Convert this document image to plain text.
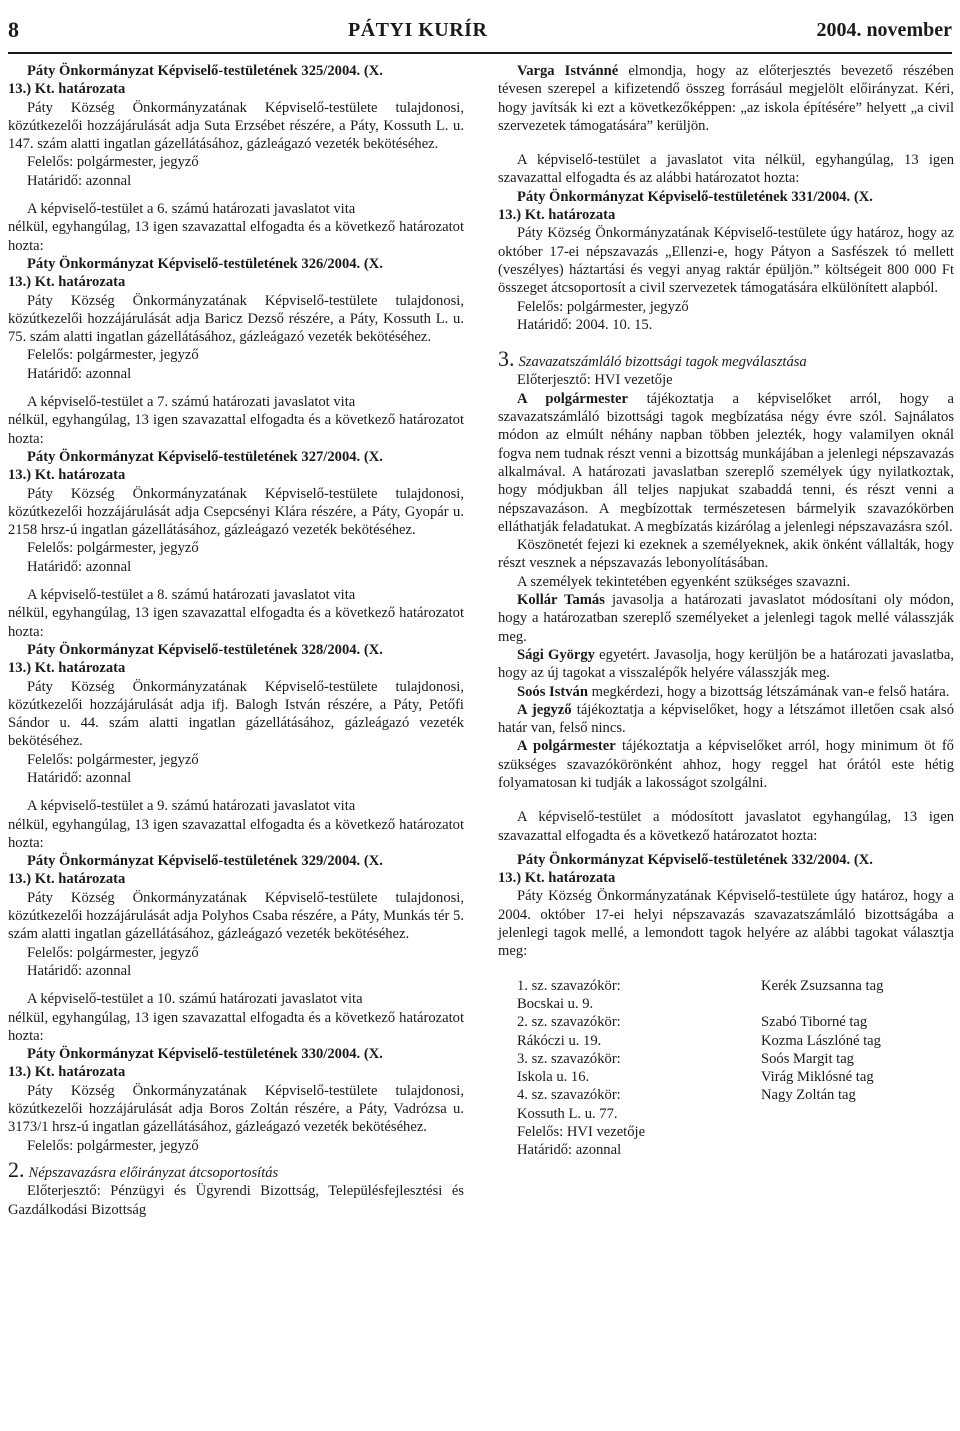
8	PÁTYI KURÍR	2004. november

Páty Önkormányzat Képviselő-testületének 325/2004. (X.

13.) Kt. határozata

Páty Község Önkormányzatának Képviselő-testülete tulajdonosi, közútkezelői hozzájárulását adja Suta Erzsébet részére, a Páty, Kossuth L. u. 147. szám alatti ingatlan gázellátásához, gázleágazó vezeték bekötéséhez.

Felelős: polgármester, jegyző

Határidő: azonnal

A képviselő-testület a 6. számú határozati javaslatot vita

nélkül, egyhangúlag, 13 igen szavazattal elfogadta és a következő határozatot hozta:

Páty Önkormányzat Képviselő-testületének 326/2004. (X.

13.) Kt. határozata

Páty Község Önkormányzatának Képviselő-testülete tulajdonosi, közútkezelői hozzájárulását adja Baricz Dezső részére, a Páty, Kossuth L. u. 75. szám alatti ingatlan gázellátásához, gázleágazó vezeték bekötéséhez.

Felelős: polgármester, jegyző

Határidő: azonnal

A képviselő-testület a 7. számú határozati javaslatot vita

nélkül, egyhangúlag, 13 igen szavazattal elfogadta és a következő határozatot hozta:

Páty Önkormányzat Képviselő-testületének 327/2004. (X.

13.) Kt. határozata

Páty Község Önkormányzatának Képviselő-testülete tulajdonosi, közútkezelői hozzájárulását adja Csepcsényi Klára részére, a Páty, Gyopár u. 2158 hrsz-ú ingatlan gázellátásához, gázleágazó vezeték bekötéséhez.

Felelős: polgármester, jegyző

Határidő: azonnal

A képviselő-testület a 8. számú határozati javaslatot vita

nélkül, egyhangúlag, 13 igen szavazattal elfogadta és a következő határozatot hozta:

Páty Önkormányzat Képviselő-testületének 328/2004. (X.

13.) Kt. határozata

Páty Község Önkormányzatának Képviselő-testülete tulajdonosi, közútkezelői hozzájárulását adja ifj. Balogh István részére, a Páty, Petőfi Sándor u. 44. szám alatti ingatlan gázellátásához, gázleágazó vezeték bekötéséhez.

Felelős: polgármester, jegyző

Határidő: azonnal

A képviselő-testület a 9. számú határozati javaslatot vita

nélkül, egyhangúlag, 13 igen szavazattal elfogadta és a következő határozatot hozta:

Páty Önkormányzat Képviselő-testületének 329/2004. (X.

13.) Kt. határozata

Páty Község Önkormányzatának Képviselő-testülete tulajdonosi, közútkezelői hozzájárulását adja Polyhos Csaba részére, a Páty, Munkás tér 5. szám alatti ingatlan gázellátásához, gázleágazó vezeték bekötéséhez.

Felelős: polgármester, jegyző

Határidő: azonnal

A képviselő-testület a 10. számú határozati javaslatot vita

nélkül, egyhangúlag, 13 igen szavazattal elfogadta és a következő határozatot hozta:

Páty Önkormányzat Képviselő-testületének 330/2004. (X.

13.) Kt. határozata

Páty Község Önkormányzatának Képviselő-testülete tulajdonosi, közútkezelői hozzájárulását adja Boros Zoltán részére, a Páty, Vadrózsa u. 3173/1 hrsz-ú ingatlan gázellátásához, gázleágazó vezeték bekötéséhez.

Felelős: polgármester, jegyző

2. Népszavazásra előirányzat átcsoportosítás

Előterjesztő: Pénzügyi és Ügyrendi Bizottság, Településfejlesztési és Gazdálkodási Bizottság

Varga Istvánné elmondja, hogy az előterjesztés bevezető részében tévesen szerepel a kifizetendő összeg forrásául megjelölt előirányzat. Kéri, hogy javítsák ki ezt a következőképpen: „az iskola építésére” helyett „a civil szervezetek támogatására” kerüljön.

A képviselő-testület a javaslatot vita nélkül, egyhangúlag, 13 igen szavazattal elfogadta és az alábbi határozatot hozta:

Páty Önkormányzat Képviselő-testületének 331/2004. (X.

13.) Kt. határozata

Páty Község Önkormányzatának Képviselő-testülete úgy határoz, hogy az október 17-ei népszavazás „Ellenzi-e, hogy Pátyon a Sasfészek tó mellett (veszélyes) háztartási és vegyi anyag raktár épüljön.” költségeit 800 000 Ft összeget átcsoportosít a civil szervezetek támogatására elkülönített alapból.

Felelős: polgármester, jegyző

Határidő: 2004. 10. 15.

3. Szavazatszámláló bizottsági tagok megválasztása

Előterjesztő: HVI vezetője

A polgármester tájékoztatja a képviselőket arról, hogy a szavazatszámláló bizottsági tagok megbízatása négy évre szól. Sajnálatos módon az elmúlt néhány napban többen jelezték, hogy valamilyen oknál fogva nem tudnak részt venni a bizottság munkájában a jelenlegi népszavazás alkalmával. A határozati javaslatban szereplő személyek úgy nyilatkoztak, hogy módjukban áll teljes napjukat szabaddá tenni, és részt venni a népszavazáson. A megbízottak természetesen bármelyik szavazókörben elláthatják feladatukat. A megbízatás kizárólag a jelenlegi népszavazásra szól.

Köszönetét fejezi ki ezeknek a személyeknek, akik önként vállalták, hogy részt vesznek a népszavazás lebonyolításában.

A személyek tekintetében egyenként szükséges szavazni.

Kollár Tamás javasolja a határozati javaslatot módosítani oly módon, hogy a határozatban szereplő személyeket a jelenlegi tagok mellé válasszják meg.

Sági György egyetért. Javasolja, hogy kerüljön be a határozati javaslatba, hogy az új tagokat a visszalépők helyére válasszják meg.

Soós István megkérdezi, hogy a bizottság létszámának van-e felső határa.

A jegyző tájékoztatja a képviselőket, hogy a létszámot illetően csak alsó határ van, felső nincs.

A polgármester tájékoztatja a képviselőket arról, hogy minimum öt fő szükséges szavazókörönként ahhoz, hogy reggel hat órától este hétig folyamatosan ki tudják a lakosságot szolgálni.

A képviselő-testület a módosított javaslatot egyhangúlag, 13 igen szavazattal elfogadta és a következő határozatot hozta:

Páty Önkormányzat Képviselő-testületének 332/2004. (X.

13.) Kt. határozata

Páty Község Önkormányzatának Képviselő-testülete úgy határoz, hogy a 2004. október 17-ei helyi népszavazás szavazatszámláló bizottságába a jelenlegi tagok mellé, a lemondott tagok helyére az alábbi tagokat választja meg:

1. sz. szavazókör:	Kerék Zsuzsanna tag
Bocskai u. 9.
2. sz. szavazókör:	Szabó Tiborné tag
Rákóczi u. 19.	Kozma Lászlóné tag
3. sz. szavazókör:	Soós Margit tag
Iskola u. 16.	Virág Miklósné tag
4. sz. szavazókör:	Nagy Zoltán tag
Kossuth L. u. 77.

Felelős: HVI vezetője

Határidő: azonnal
